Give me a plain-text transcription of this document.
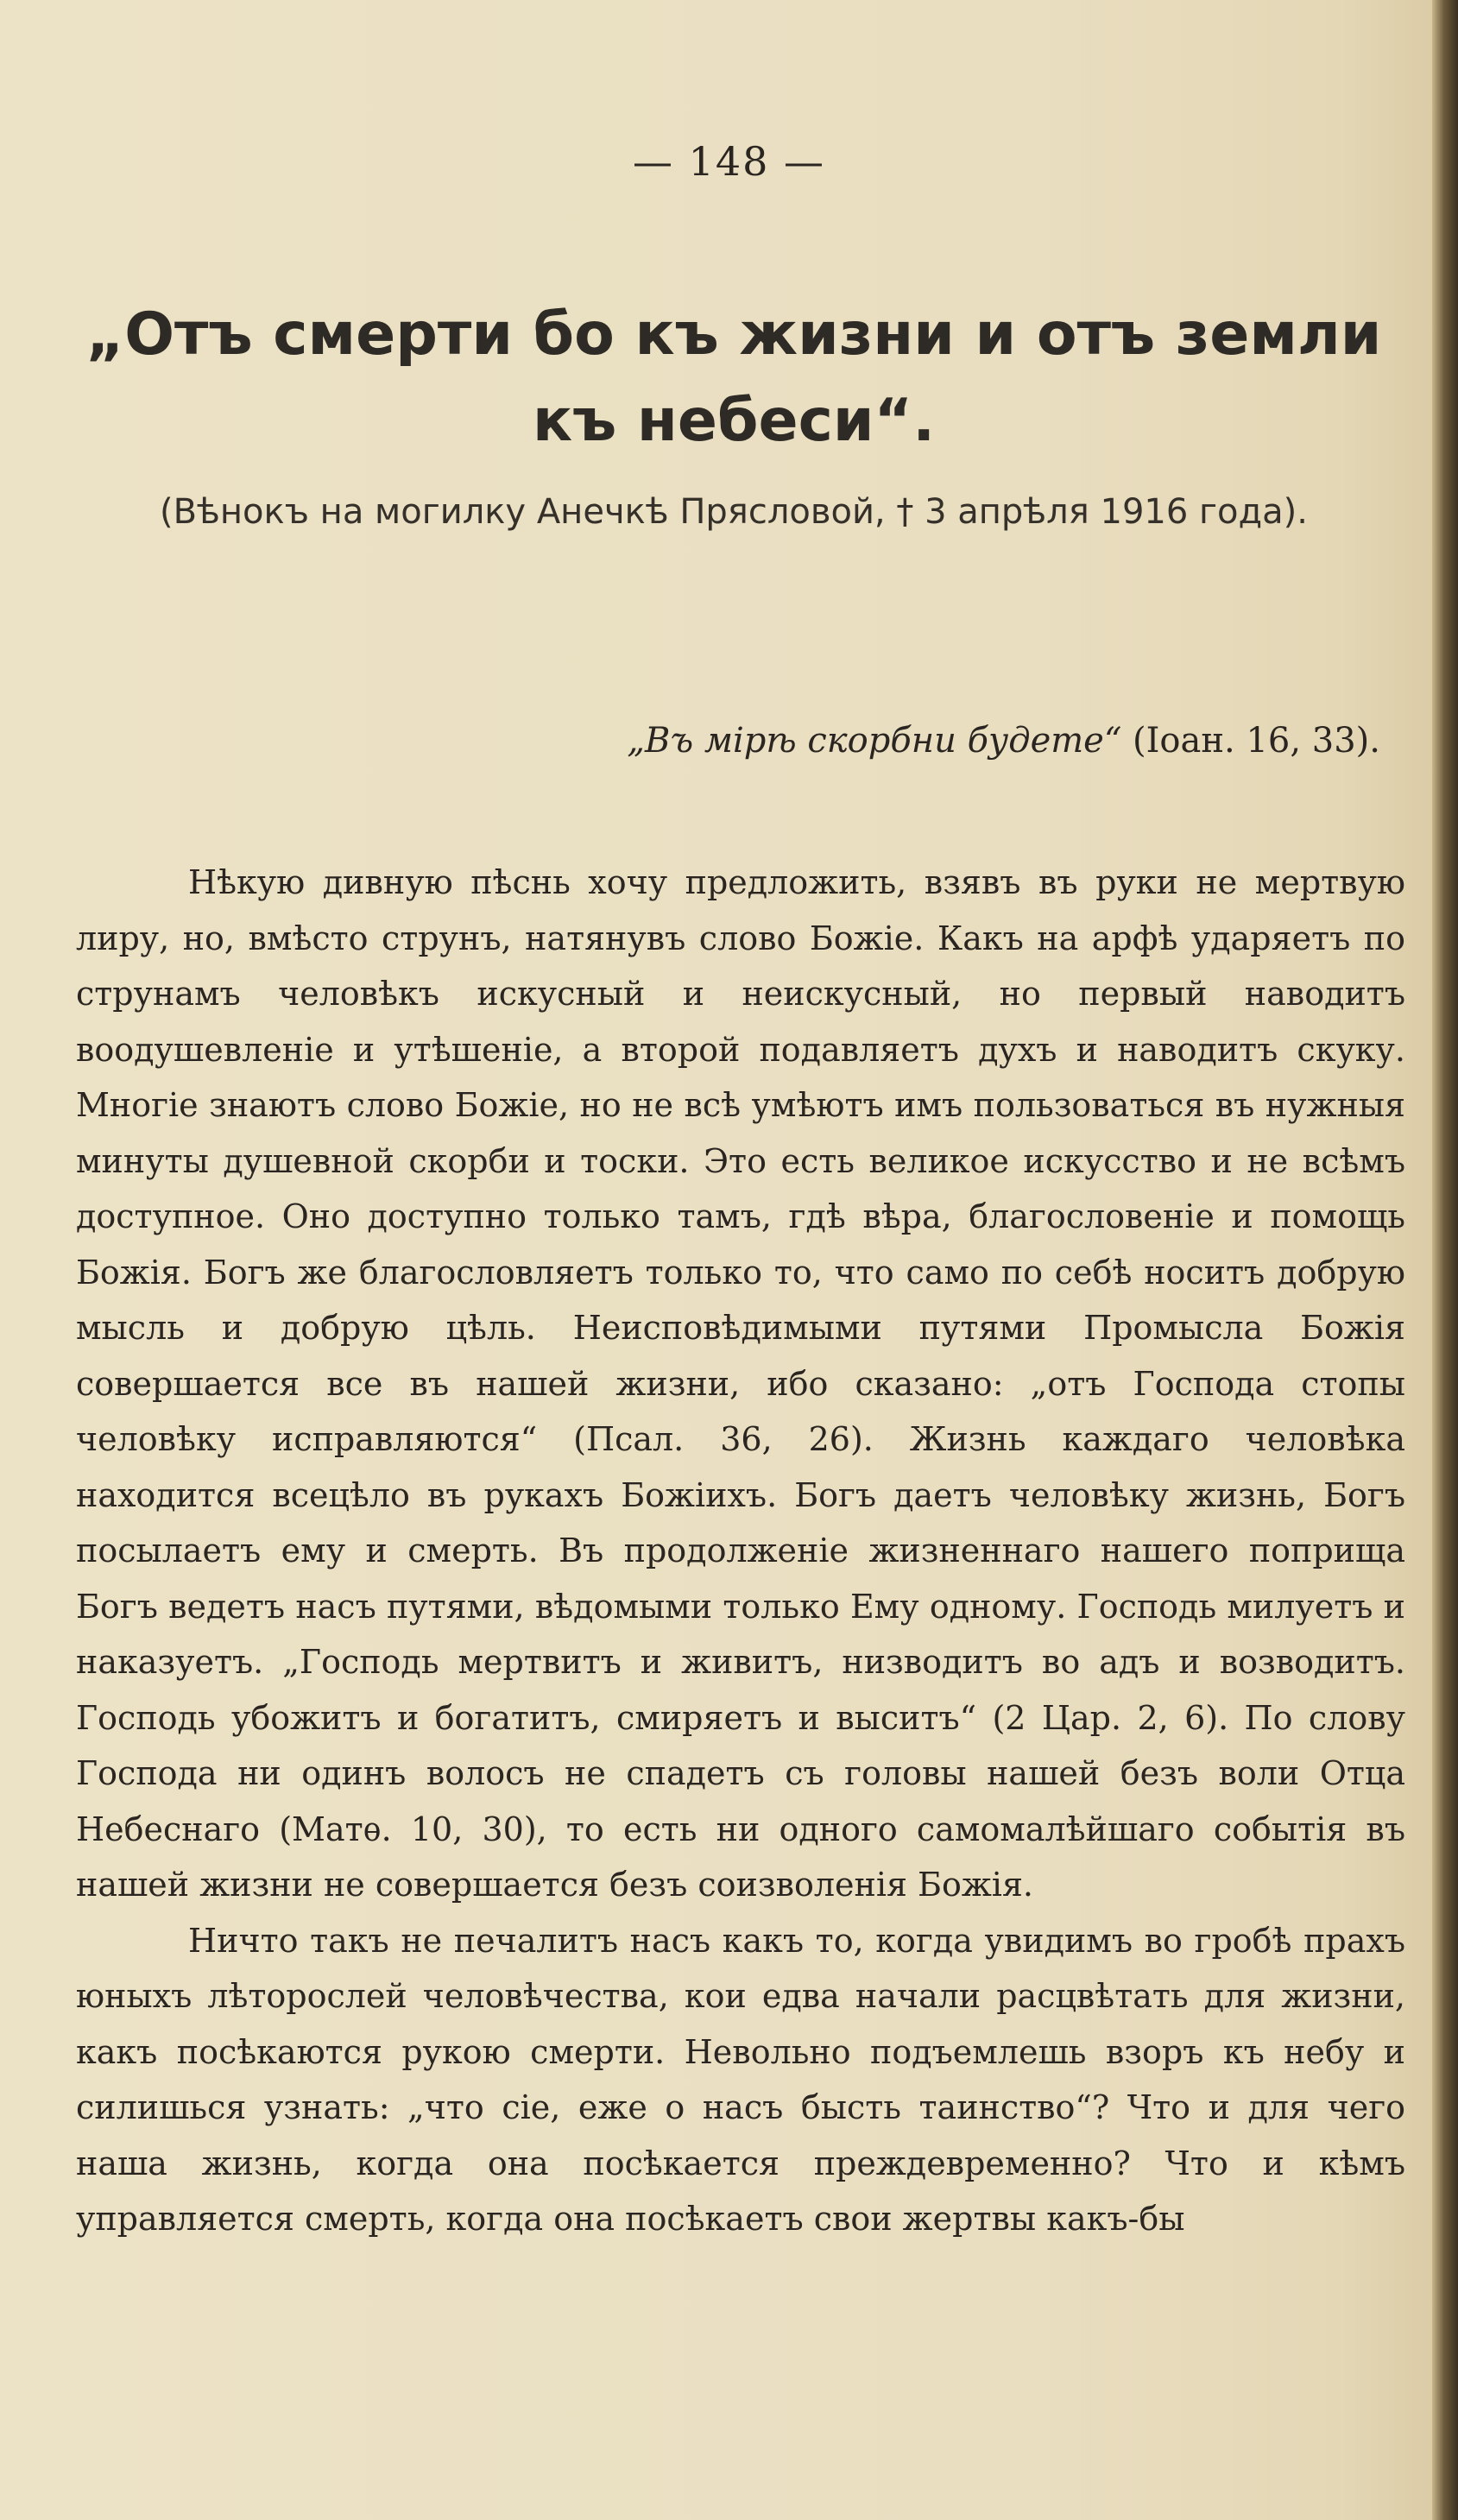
— 148 —
„Отъ смерти бо къ жизни и отъ земли къ небеси“.
(Вѣнокъ на могилку Анечкѣ Прясловой, † 3 апрѣля 1916 года).
„Въ мірѣ скорбни будете“ (Іоан. 16, 33).

Нѣкую дивную пѣснь хочу предложить, взявъ въ руки не мертвую лиру, но, вмѣсто струнъ, натянувъ слово Божіе. Какъ на арфѣ ударяетъ по струнамъ человѣкъ искусный и неискусный, но первый наводитъ воодушевленіе и утѣшеніе, а второй подавляетъ духъ и наводитъ скуку. Многіе знаютъ слово Божіе, но не всѣ умѣютъ имъ пользоваться въ нужныя минуты душевной скорби и тоски. Это есть великое искусство и не всѣмъ доступное. Оно доступно только тамъ, гдѣ вѣра, благословеніе и помощь Божія. Богъ же благословляетъ только то, что само по себѣ носитъ добрую мысль и добрую цѣль. Неисповѣдимыми путями Промысла Божія совершается все въ нашей жизни, ибо сказано: „отъ Господа стопы человѣку исправляются“ (Псал. 36, 26). Жизнь каждаго человѣка находится всецѣло въ рукахъ Божіихъ. Богъ даетъ человѣку жизнь, Богъ посылаетъ ему и смерть. Въ продолженіе жизненнаго нашего поприща Богъ ведетъ насъ путями, вѣдомыми только Ему одному. Господь милуетъ и наказуетъ. „Господь мертвитъ и живитъ, низводитъ во адъ и возводитъ. Господь убожитъ и богатитъ, смиряетъ и выситъ“ (2 Цар. 2, 6). По слову Господа ни одинъ волосъ не спадетъ съ головы нашей безъ воли Отца Небеснаго (Матѳ. 10, 30), то есть ни одного самомалѣйшаго событія въ нашей жизни не совершается безъ соизволенія Божія.

Ничто такъ не печалитъ насъ какъ то, когда увидимъ во гробѣ прахъ юныхъ лѣторослей человѣчества, кои едва начали расцвѣтать для жизни, какъ посѣкаются рукою смерти. Невольно подъемлешь взоръ къ небу и силишься узнать: „что сіе, еже о насъ бысть таинство“? Что и для чего наша жизнь, когда она посѣкается преждевременно? Что и кѣмъ управляется смерть, когда она посѣкаетъ свои жертвы какъ-бы
